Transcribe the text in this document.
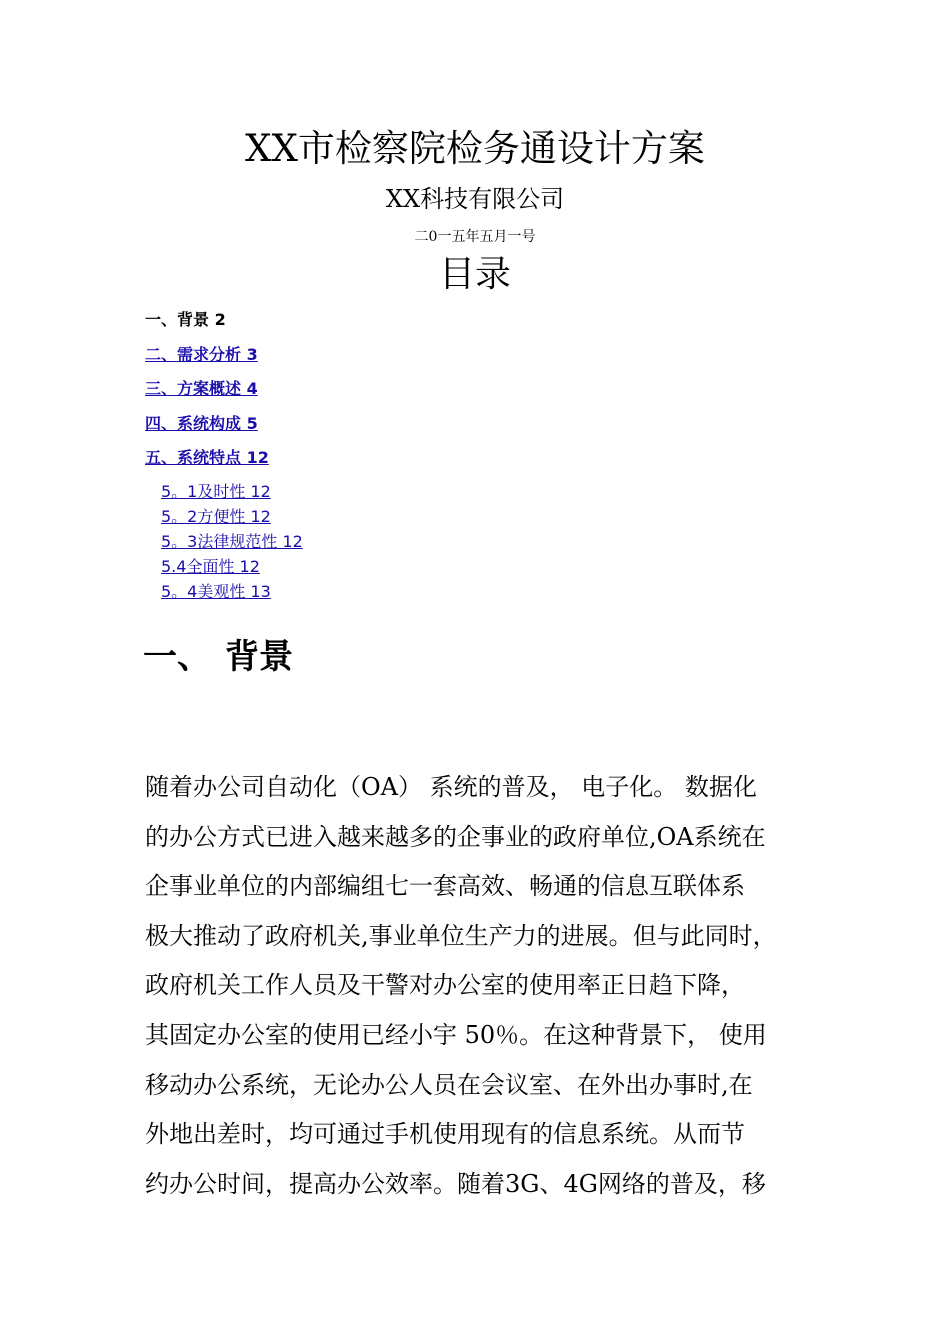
XX市检察院检务通设计方案
XX科技有限公司
二0一五年五月一号
目录
一、背景 2
二、需求分析 3
三、方案概述 4
四、系统构成 5
五、系统特点 12
5。1及时性 12
5。2方便性 12
5。3法律规范性 12
5.4全面性 12
5。4美观性 13
一、 背景
随着办公司自动化（OA） 系统的普及， 电子化。 数据化
的办公方式已进入越来越多的企事业的政府单位,OA系统在
企事业单位的内部编组七一套高效、畅通的信息互联体系
极大推动了政府机关,事业单位生产力的进展。但与此同时，
政府机关工作人员及干警对办公室的使用率正日趋下降，
其固定办公室的使用已经小宇 50％。在这种背景下， 使用
移动办公系统，无论办公人员在会议室、在外出办事时,在
外地出差时，均可通过手机使用现有的信息系统。从而节
约办公时间，提高办公效率。随着3G、4G网络的普及，移
